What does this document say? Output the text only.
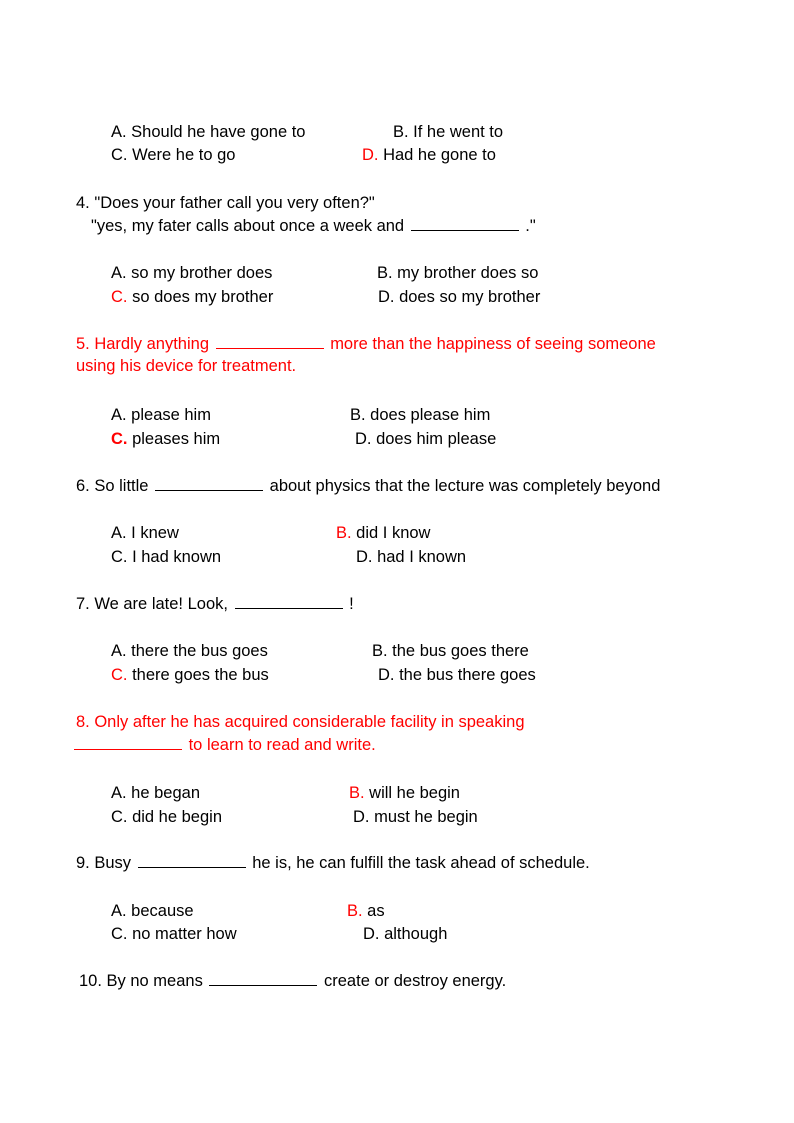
A. Should he have gone to	B. If he went to
C. Were he to go	D. Had he gone to
4. "Does your father call you very often?"
"yes, my fater calls about once a week and	."
A. so my brother does	B. my brother does so
C. so does my brother	D. does so my brother
5. Hardly anything	more than the happiness of seeing someone
using his device for treatment.
A. please him	B. does please him
C. pleases him	D. does him please
6. So little	about physics that the lecture was completely beyond
A. I knew	B. did I know
C. I had known	D. had I known
7. We are late! Look,	!
A. there the bus goes	B. the bus goes there
C. there goes the bus	D. the bus there goes
8. Only after he has acquired considerable facility in speaking
to learn to read and write.
A. he began	B. will he begin
C. did he begin	D. must he begin
9. Busy	he is, he can fulfill the task ahead of schedule.
A. because	B. as
C. no matter how	D. although
10. By no means	create or destroy energy.
